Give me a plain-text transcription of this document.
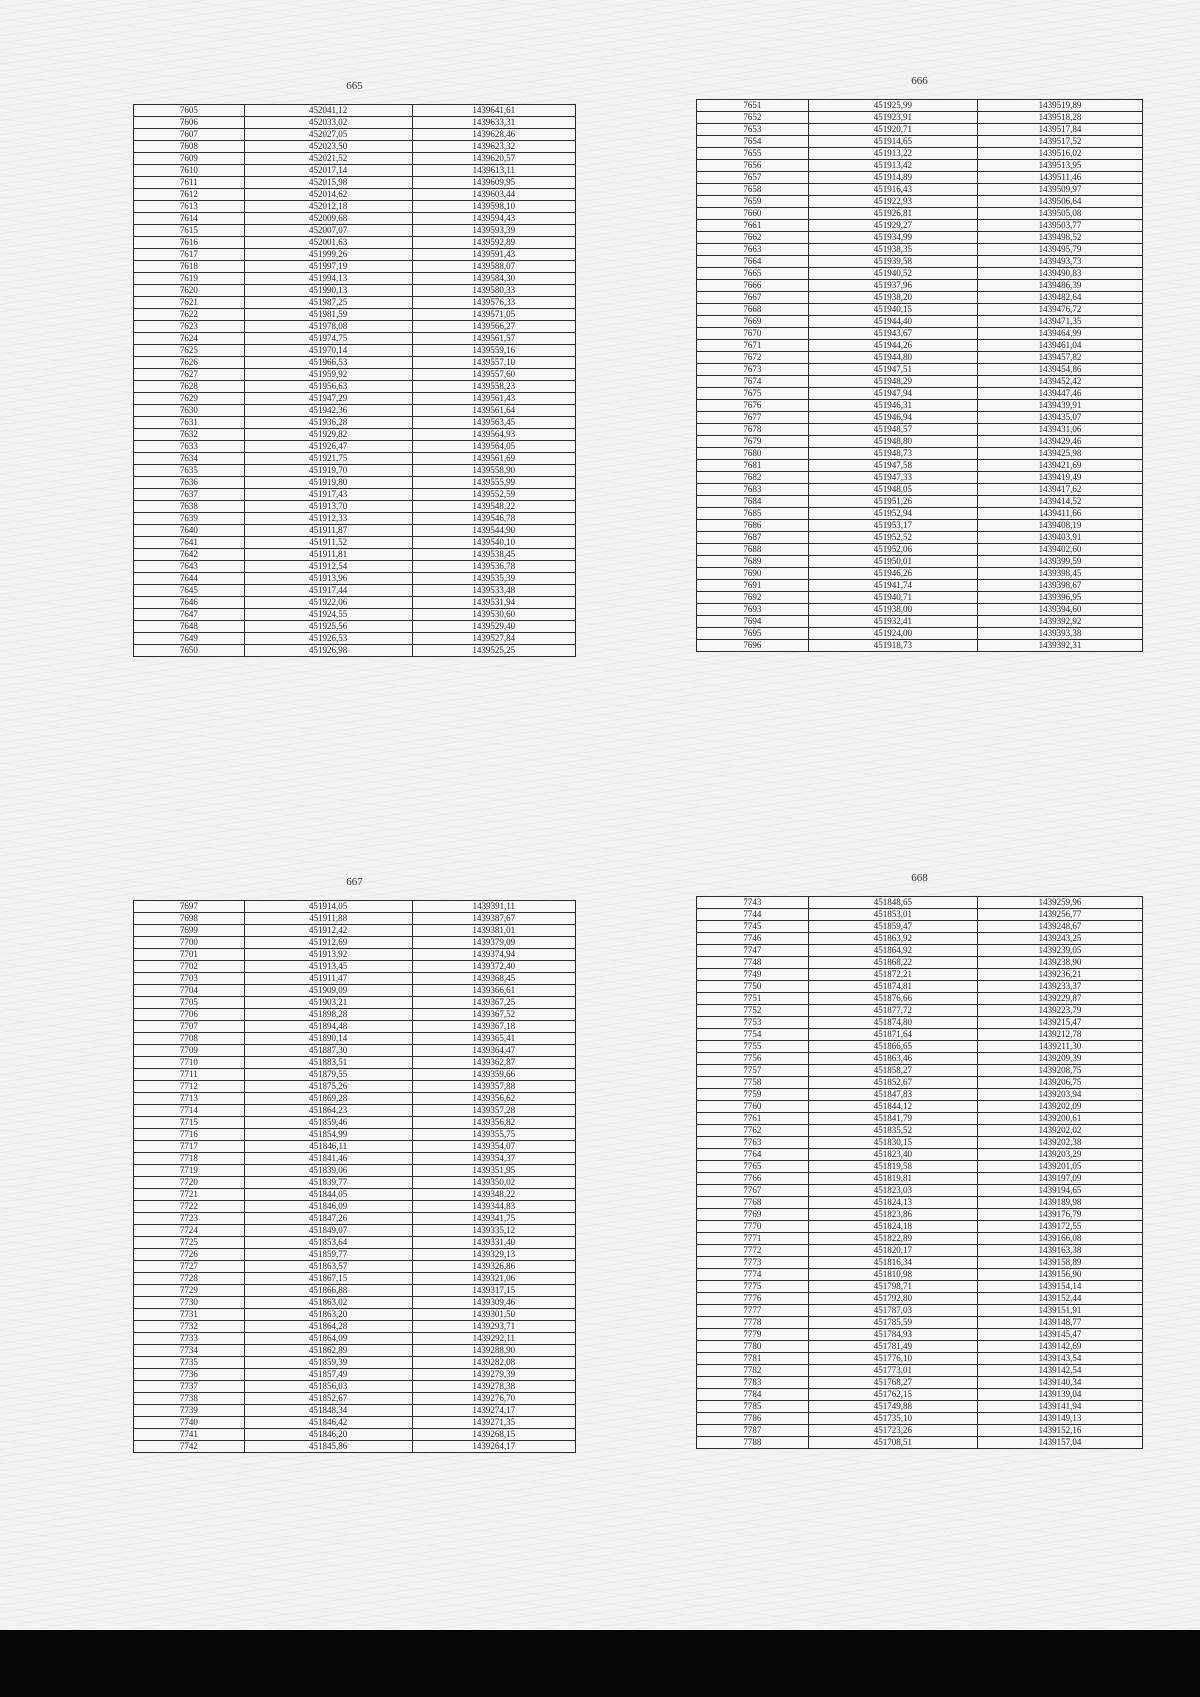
665
7605	452041,12	1439641,61
7606	452033,02	1439633,31
7607	452027,05	1439628,46
7608	452023,50	1439623,32
7609	452021,52	1439620,57
7610	452017,14	1439613,11
7611	452015,98	1439609,95
7612	452014,62	1439603,44
7613	452012,18	1439598,10
7614	452009,68	1439594,43
7615	452007,07	1439593,39
7616	452001,63	1439592,89
7617	451999,26	1439591,43
7618	451997,19	1439588,07
7619	451994,13	1439584,30
7620	451990,13	1439580,33
7621	451987,25	1439576,33
7622	451981,59	1439571,05
7623	451978,08	1439566,27
7624	451974,75	1439561,57
7625	451970,14	1439559,16
7626	451966,53	1439557,10
7627	451959,92	1439557,60
7628	451956,63	1439558,23
7629	451947,29	1439561,43
7630	451942,36	1439561,64
7631	451936,28	1439563,45
7632	451929,82	1439564,93
7633	451926,47	1439564,05
7634	451921,75	1439561,69
7635	451919,70	1439558,90
7636	451919,80	1439555,99
7637	451917,43	1439552,59
7638	451913,70	1439548,22
7639	451912,33	1439546,78
7640	451911,87	1439544,90
7641	451911,52	1439540,10
7642	451911,81	1439538,45
7643	451912,54	1439536,78
7644	451913,96	1439535,39
7645	451917,44	1439533,48
7646	451922,06	1439531,94
7647	451924,55	1439530,60
7648	451925,56	1439529,40
7649	451926,53	1439527,84
7650	451926,98	1439525,25
666
7651	451925,99	1439519,89
7652	451923,91	1439518,28
7653	451920,71	1439517,84
7654	451914,65	1439517,52
7655	451913,22	1439516,02
7656	451913,42	1439513,95
7657	451914,89	1439511,46
7658	451916,43	1439509,97
7659	451922,93	1439506,64
7660	451926,81	1439505,08
7661	451929,27	1439503,77
7662	451934,99	1439498,52
7663	451938,35	1439495,79
7664	451939,58	1439493,73
7665	451940,52	1439490,83
7666	451937,96	1439486,39
7667	451938,20	1439482,64
7668	451940,15	1439476,72
7669	451944,40	1439471,35
7670	451943,67	1439464,99
7671	451944,26	1439461,04
7672	451944,80	1439457,82
7673	451947,51	1439454,86
7674	451948,29	1439452,42
7675	451947,94	1439447,46
7676	451946,31	1439439,91
7677	451946,94	1439435,07
7678	451948,57	1439431,06
7679	451948,80	1439429,46
7680	451948,73	1439425,98
7681	451947,58	1439421,69
7682	451947,33	1439419,49
7683	451948,05	1439417,62
7684	451951,26	1439414,52
7685	451952,94	1439411,66
7686	451953,17	1439408,19
7687	451952,52	1439403,91
7688	451952,06	1439402,60
7689	451950,01	1439399,59
7690	451946,26	1439398,45
7691	451941,74	1439398,67
7692	451940,71	1439396,95
7693	451938,00	1439394,60
7694	451932,41	1439392,92
7695	451924,00	1439393,38
7696	451918,73	1439392,31
667
7697	451914,05	1439391,11
7698	451911,88	1439387,67
7699	451912,42	1439381,01
7700	451912,69	1439379,09
7701	451913,92	1439374,94
7702	451913,45	1439372,40
7703	451911,47	1439368,45
7704	451909,09	1439366,61
7705	451903,21	1439367,25
7706	451898,28	1439367,52
7707	451894,48	1439367,18
7708	451890,14	1439365,41
7709	451887,30	1439364,47
7710	451883,51	1439362,87
7711	451879,55	1439359,66
7712	451875,26	1439357,88
7713	451869,28	1439356,62
7714	451864,23	1439357,28
7715	451859,46	1439356,82
7716	451854,99	1439355,75
7717	451846,11	1439354,07
7718	451841,46	1439354,37
7719	451839,06	1439351,95
7720	451839,77	1439350,02
7721	451844,05	1439348,22
7722	451846,09	1439344,83
7723	451847,26	1439341,75
7724	451849,07	1439335,12
7725	451853,64	1439331,40
7726	451859,77	1439329,13
7727	451863,57	1439326,86
7728	451867,15	1439321,06
7729	451866,88	1439317,15
7730	451863,02	1439309,46
7731	451863,20	1439301,50
7732	451864,28	1439293,71
7733	451864,09	1439292,11
7734	451862,89	1439288,90
7735	451859,39	1439282,08
7736	451857,49	1439279,39
7737	451856,03	1439278,38
7738	451852,67	1439276,70
7739	451848,34	1439274,17
7740	451846,42	1439271,35
7741	451846,20	1439268,15
7742	451845,86	1439264,17
668
7743	451848,65	1439259,96
7744	451853,01	1439256,77
7745	451859,47	1439248,67
7746	451863,92	1439243,25
7747	451864,92	1439239,05
7748	451868,22	1439238,90
7749	451872,21	1439236,21
7750	451874,81	1439233,37
7751	451876,66	1439229,87
7752	451877,72	1439223,79
7753	451874,80	1439215,47
7754	451871,64	1439212,78
7755	451866,65	1439211,30
7756	451863,46	1439209,39
7757	451858,27	1439208,75
7758	451852,67	1439206,75
7759	451847,83	1439203,94
7760	451844,12	1439202,09
7761	451841,79	1439200,61
7762	451835,52	1439202,02
7763	451830,15	1439202,38
7764	451823,40	1439203,29
7765	451819,58	1439201,05
7766	451819,81	1439197,09
7767	451823,03	1439194,65
7768	451824,13	1439189,98
7769	451823,86	1439176,79
7770	451824,18	1439172,55
7771	451822,89	1439166,08
7772	451820,17	1439163,38
7773	451816,34	1439158,89
7774	451810,98	1439156,90
7775	451798,71	1439154,14
7776	451792,80	1439152,44
7777	451787,03	1439151,91
7778	451785,59	1439148,77
7779	451784,93	1439145,47
7780	451781,49	1439142,69
7781	451776,10	1439143,54
7782	451773,01	1439142,54
7783	451768,27	1439140,34
7784	451762,15	1439139,04
7785	451749,88	1439141,94
7786	451735,10	1439149,13
7787	451723,26	1439152,16
7788	451708,51	1439157,04
